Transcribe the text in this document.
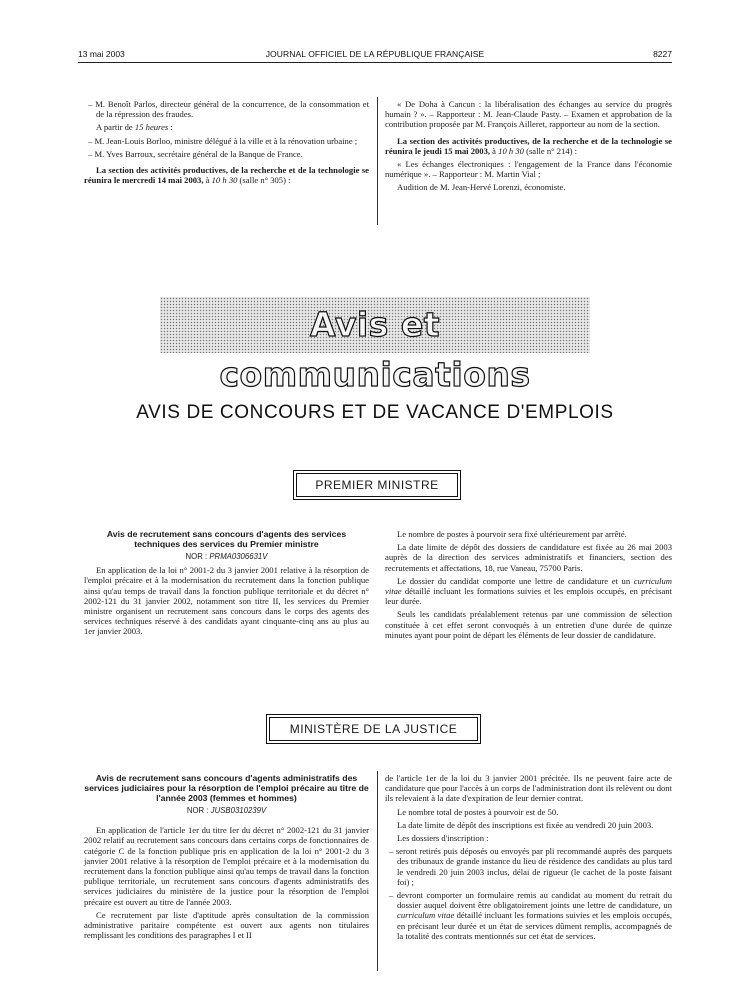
13 mai 2003	JOURNAL OFFICIEL DE LA RÉPUBLIQUE FRANÇAISE	8227

– M. Benoît Parlos, directeur général de la concurrence, de la consommation et de la répression des fraudes.

A partir de 15 heures :

– M. Jean-Louis Borloo, ministre délégué à la ville et à la rénovation urbaine ;

– M. Yves Barroux, secrétaire général de la Banque de France.

La section des activités productives, de la recherche et de la technologie se réunira le mercredi 14 mai 2003, à 10 h 30 (salle n° 305) :

« De Doha à Cancun : la libéralisation des échanges au service du progrès humain ? ». – Rapporteur : M. Jean-Claude Pasty. – Examen et approbation de la contribution proposée par M. François Ailleret, rapporteur au nom de la section.

La section des activités productives, de la recherche et de la technologie se réunira le jeudi 15 mai 2003, à 10 h 30 (salle n° 214) :

« Les échanges électroniques : l'engagement de la France dans l'économie numérique ». – Rapporteur : M. Martin Vial ;

Audition de M. Jean-Hervé Lorenzi, économiste.

Avis et communications
AVIS DE CONCOURS ET DE VACANCE D'EMPLOIS
PREMIER MINISTRE

Avis de recrutement sans concours d'agents des services techniques des services du Premier ministre

NOR : PRMA0306631V

En application de la loi n° 2001-2 du 3 janvier 2001 relative à la résorption de l'emploi précaire et à la modernisation du recrutement dans la fonction publique ainsi qu'au temps de travail dans la fonction publique territoriale et du décret n° 2002-121 du 31 janvier 2002, notamment son titre II, les services du Premier ministre organisent un recrutement sans concours dans le corps des agents des services techniques réservé à des candidats ayant cinquante-cinq ans au plus au 1er janvier 2003.

Le nombre de postes à pourvoir sera fixé ultérieurement par arrêté.

La date limite de dépôt des dossiers de candidature est fixée au 26 mai 2003 auprès de la direction des services administratifs et financiers, section des recrutements et affectations, 18, rue Vaneau, 75700 Paris.

Le dossier du candidat comporte une lettre de candidature et un curriculum vitae détaillé incluant les formations suivies et les emplois occupés, en précisant leur durée.

Seuls les candidats préalablement retenus par une commission de sélection constituée à cet effet seront convoqués à un entretien d'une durée de quinze minutes ayant pour point de départ les éléments de leur dossier de candidature.

MINISTÈRE DE LA JUSTICE

Avis de recrutement sans concours d'agents administratifs des services judiciaires pour la résorption de l'emploi précaire au titre de l'année 2003 (femmes et hommes)

NOR : JUSB0310239V

En application de l'article 1er du titre Ier du décret n° 2002-121 du 31 janvier 2002 relatif au recrutement sans concours dans certains corps de fonctionnaires de catégorie C de la fonction publique pris en application de la loi n° 2001-2 du 3 janvier 2001 relative à la résorption de l'emploi précaire et à la modernisation du recrutement dans la fonction publique ainsi qu'au temps de travail dans la fonction publique territoriale, un recrutement sans concours d'agents administratifs des services judiciaires du ministère de la justice pour la résorption de l'emploi précaire est ouvert au titre de l'année 2003.

Ce recrutement par liste d'aptitude après consultation de la commission administrative paritaire compétente est ouvert aux agents non titulaires remplissant les conditions des paragraphes I et II

de l'article 1er de la loi du 3 janvier 2001 précitée. Ils ne peuvent faire acte de candidature que pour l'accès à un corps de l'administration dont ils relèvent ou dont ils relevaient à la date d'expiration de leur dernier contrat.

Le nombre total de postes à pourvoir est de 50.

La date limite de dépôt des inscriptions est fixée au vendredi 20 juin 2003.

Les dossiers d'inscription :

– seront retirés puis déposés ou envoyés par pli recommandé auprès des parquets des tribunaux de grande instance du lieu de résidence des candidats au plus tard le vendredi 20 juin 2003 inclus, délai de rigueur (le cachet de la poste faisant foi) ;

– devront comporter un formulaire remis au candidat au moment du retrait du dossier auquel doivent être obligatoirement joints une lettre de candidature, un curriculum vitae détaillé incluant les formations suivies et les emplois occupés, en précisant leur durée et un état de services dûment remplis, accompagnés de la totalité des contrats mentionnés sur cet état de services.
